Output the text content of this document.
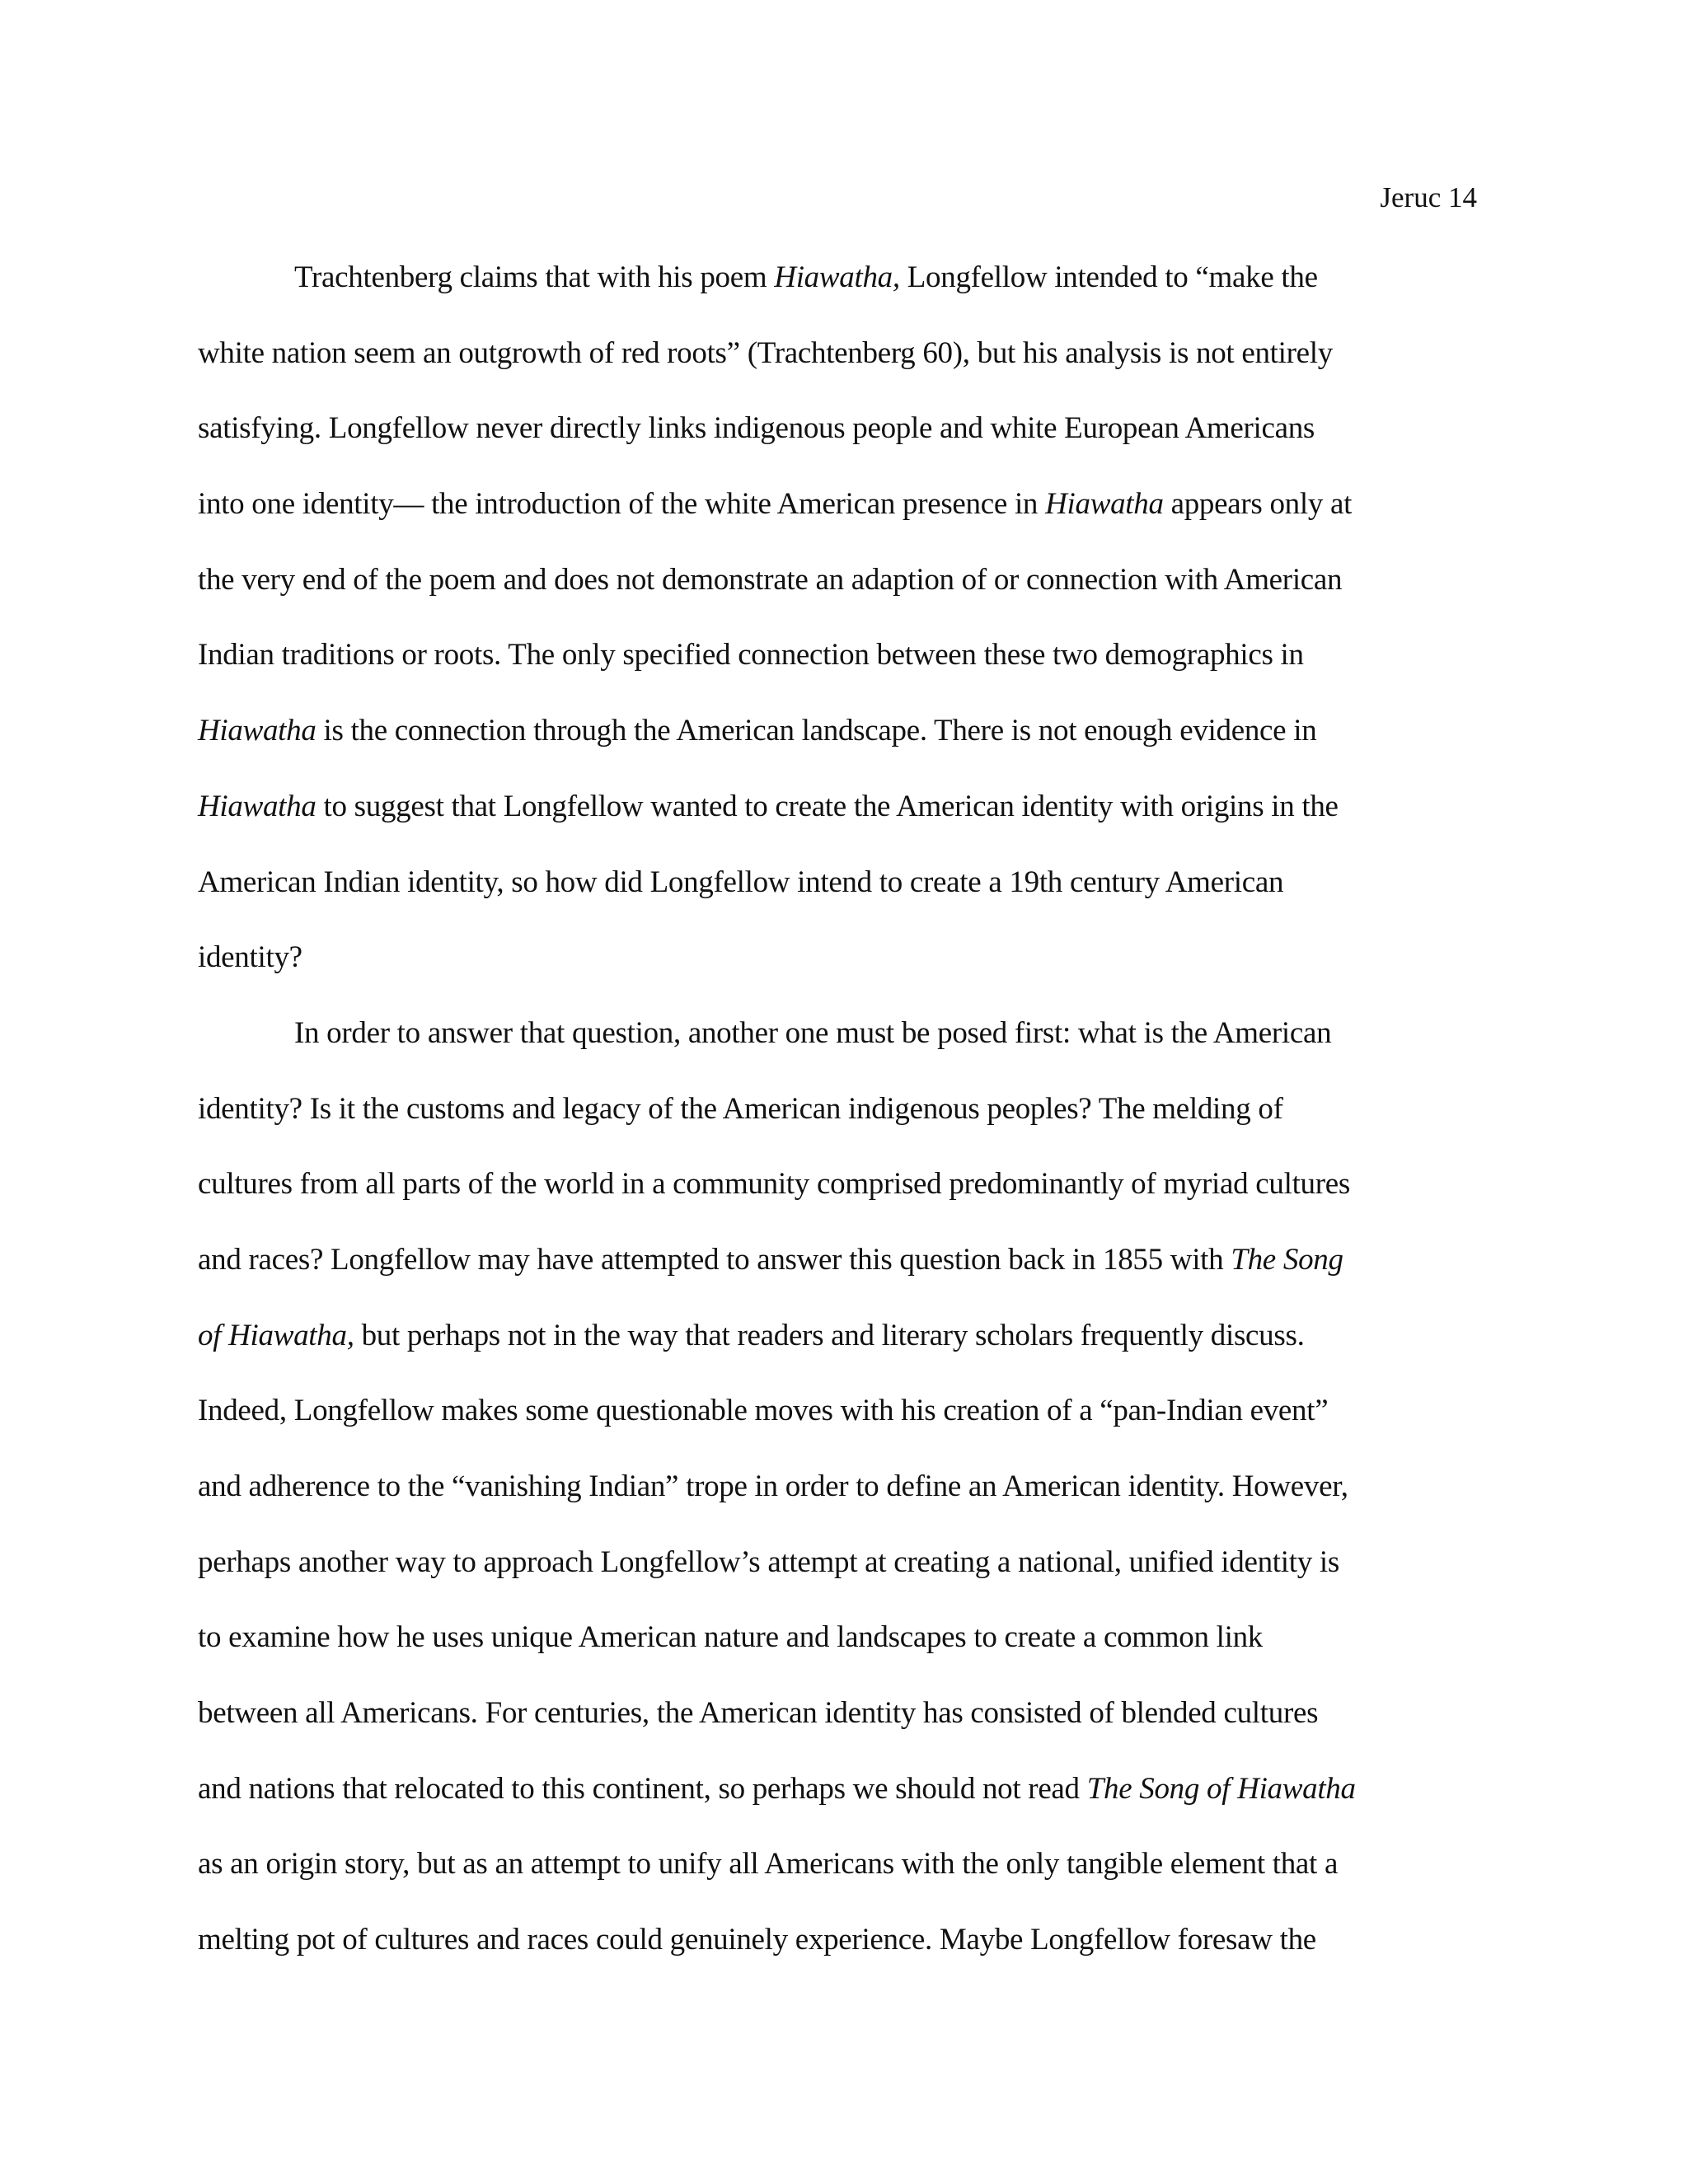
Jeruc 14
Trachtenberg claims that with his poem Hiawatha, Longfellow intended to “make the
white nation seem an outgrowth of red roots” (Trachtenberg 60), but his analysis is not entirely
satisfying. Longfellow never directly links indigenous people and white European Americans
into one identity— the introduction of the white American presence in Hiawatha appears only at
the very end of the poem and does not demonstrate an adaption of or connection with American
Indian traditions or roots. The only specified connection between these two demographics in
Hiawatha is the connection through the American landscape. There is not enough evidence in
Hiawatha to suggest that Longfellow wanted to create the American identity with origins in the
American Indian identity, so how did Longfellow intend to create a 19th century American
identity?
In order to answer that question, another one must be posed first: what is the American
identity? Is it the customs and legacy of the American indigenous peoples? The melding of
cultures from all parts of the world in a community comprised predominantly of myriad cultures
and races? Longfellow may have attempted to answer this question back in 1855 with The Song
of Hiawatha, but perhaps not in the way that readers and literary scholars frequently discuss.
Indeed, Longfellow makes some questionable moves with his creation of a “pan-Indian event”
and adherence to the “vanishing Indian” trope in order to define an American identity. However,
perhaps another way to approach Longfellow’s attempt at creating a national, unified identity is
to examine how he uses unique American nature and landscapes to create a common link
between all Americans. For centuries, the American identity has consisted of blended cultures
and nations that relocated to this continent, so perhaps we should not read The Song of Hiawatha
as an origin story, but as an attempt to unify all Americans with the only tangible element that a
melting pot of cultures and races could genuinely experience. Maybe Longfellow foresaw the
